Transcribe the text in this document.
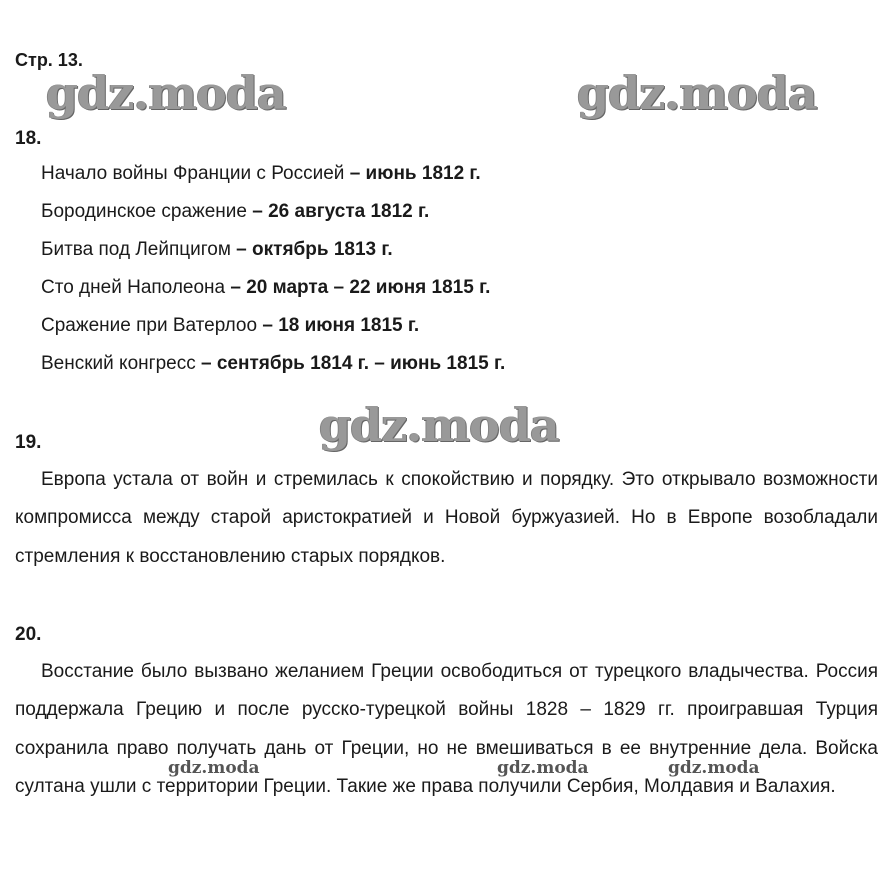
Стр. 13.
gdz.moda	gdz.moda
18.
Начало войны Франции с Россией – июнь 1812 г.
Бородинское сражение – 26 августа 1812 г.
Битва под Лейпцигом – октябрь 1813 г.
Сто дней Наполеона – 20 марта – 22 июня 1815 г.
Сражение при Ватерлоо – 18 июня 1815 г.
Венский конгресс – сентябрь 1814 г. – июнь 1815 г.
gdz.moda
19.

Европа устала от войн и стремилась к спокойствию и порядку. Это открывало возможности компромисса между старой аристократией и Новой буржуазией. Но в Европе возобладали стремления к восстановлению старых порядков.

20.

Восстание было вызвано желанием Греции освободиться от турецкого владычества. Россия поддержала Грецию и после русско-турецкой войны 1828 – 1829 гг. проигравшая Турция сохранила право получать дань от Греции, но не вмешиваться в ее внутренние дела. Войска султана ушли с территории Греции. Такие же права получили Сербия, Молдавия и Валахия.

gdz.moda	gdz.moda	gdz.moda
